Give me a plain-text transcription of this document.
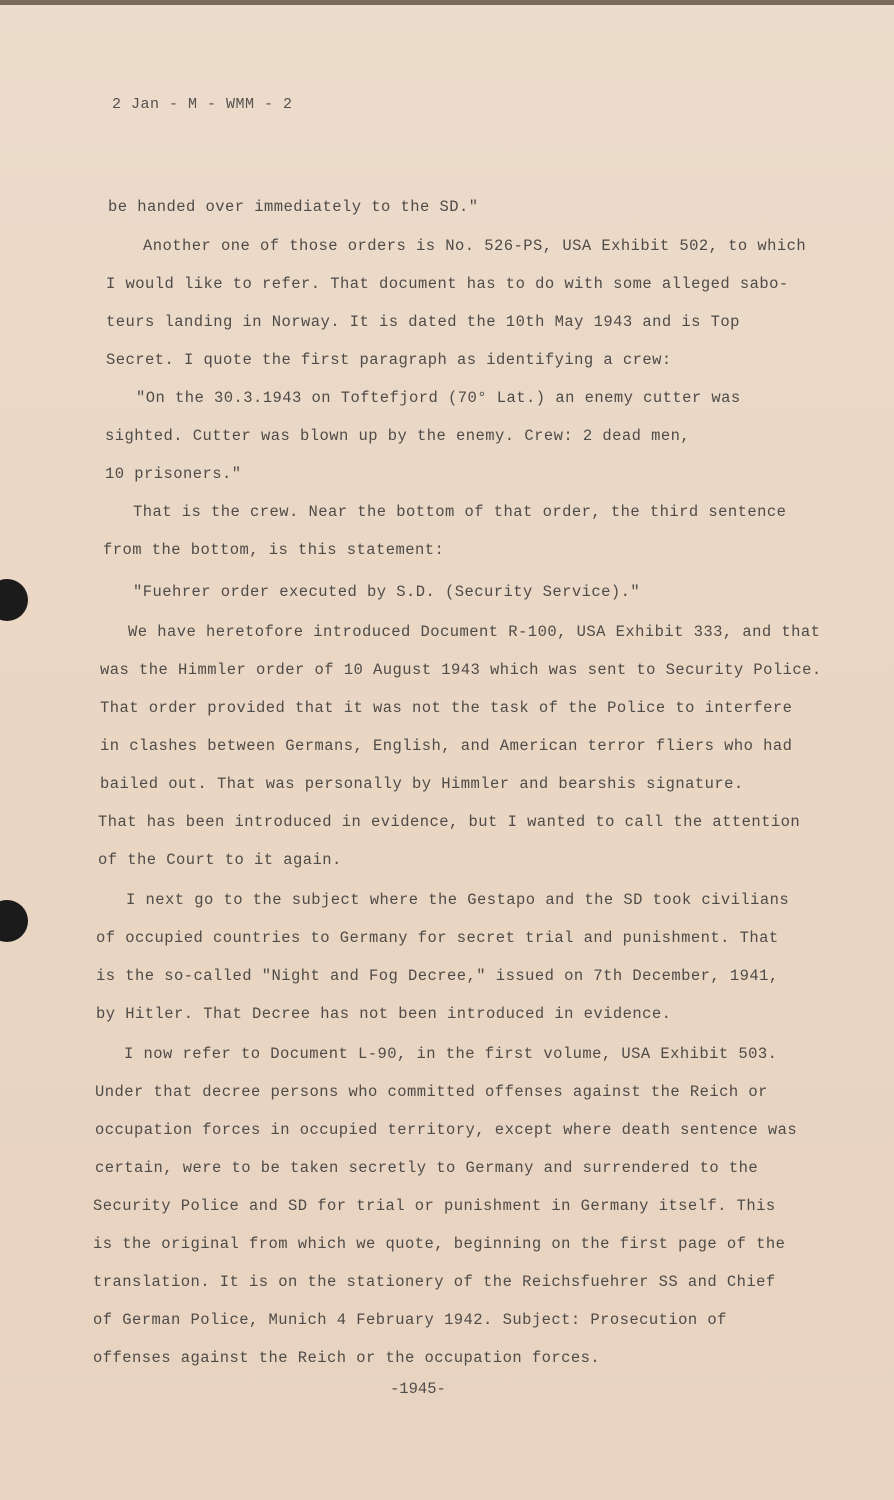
2 Jan - M - WMM - 2
be handed over immediately to the SD."
Another one of those orders is No. 526-PS, USA Exhibit 502, to which
I would like to refer. That document has to do with some alleged sabo-
teurs landing in Norway. It is dated the 10th May 1943 and is Top
Secret. I quote the first paragraph as identifying a crew:
"On the 30.3.1943 on Toftefjord (70° Lat.) an enemy cutter was
sighted. Cutter was blown up by the enemy. Crew: 2 dead men,
10 prisoners."
That is the crew. Near the bottom of that order, the third sentence
from the bottom, is this statement:
"Fuehrer order executed by S.D. (Security Service)."
We have heretofore introduced Document R-100, USA Exhibit 333, and that
was the Himmler order of 10 August 1943 which was sent to Security Police.
That order provided that it was not the task of the Police to interfere
in clashes between Germans, English, and American terror fliers who had
bailed out. That was personally by Himmler and bearshis signature.
That has been introduced in evidence, but I wanted to call the attention
of the Court to it again.
I next go to the subject where the Gestapo and the SD took civilians
of occupied countries to Germany for secret trial and punishment. That
is the so-called "Night and Fog Decree," issued on 7th December, 1941,
by Hitler. That Decree has not been introduced in evidence.
I now refer to Document L-90, in the first volume, USA Exhibit 503.
Under that decree persons who committed offenses against the Reich or
occupation forces in occupied territory, except where death sentence was
certain, were to be taken secretly to Germany and surrendered to the
Security Police and SD for trial or punishment in Germany itself. This
is the original from which we quote, beginning on the first page of the
translation. It is on the stationery of the Reichsfuehrer SS and Chief
of German Police, Munich 4 February 1942. Subject: Prosecution of
offenses against the Reich or the occupation forces.
-1945-
